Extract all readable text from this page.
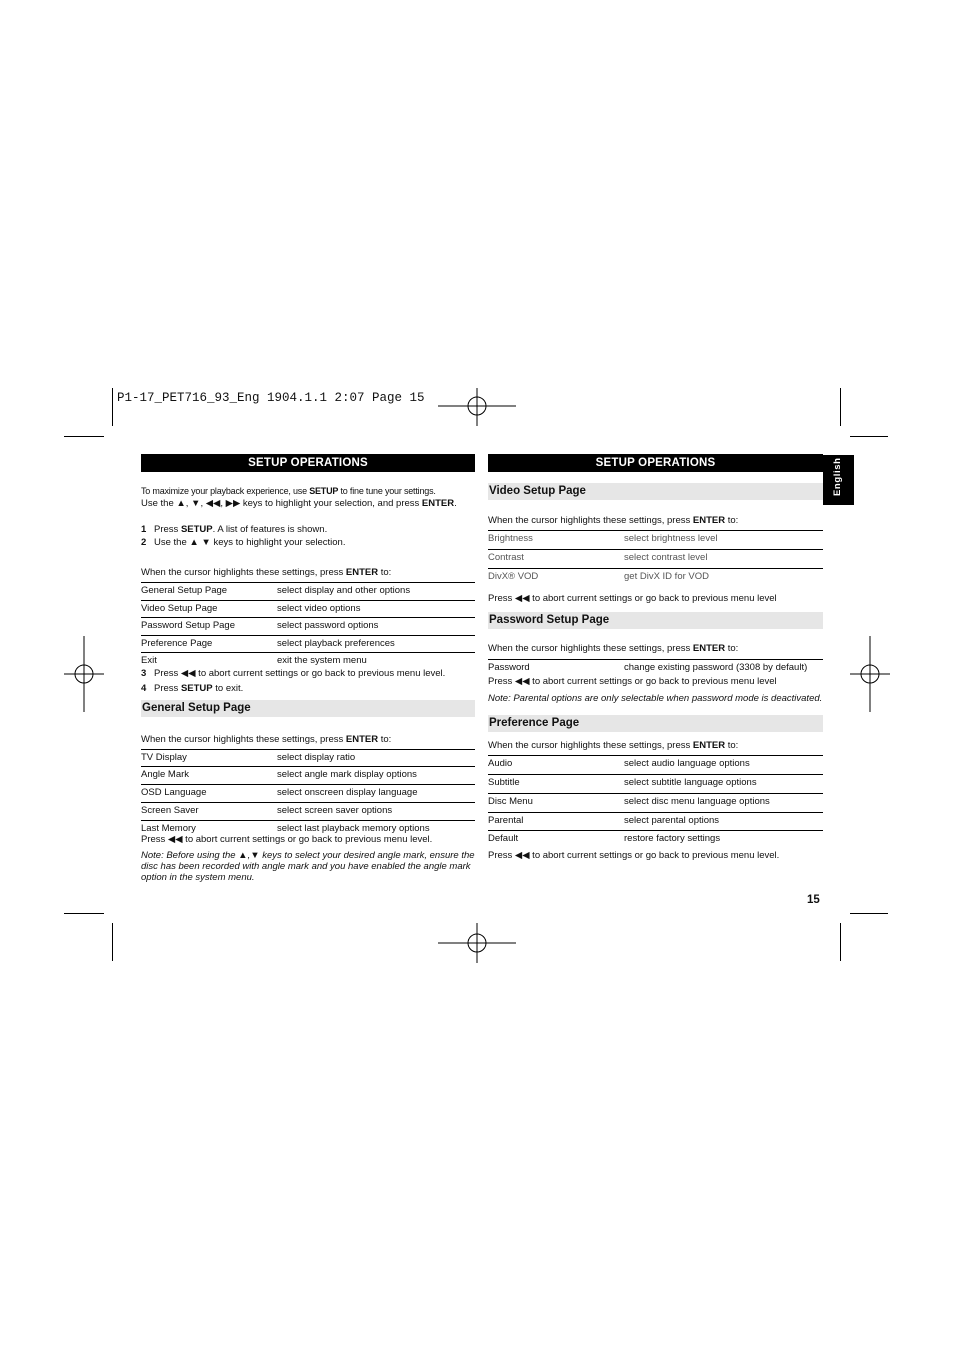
P1-17_PET716_93_Eng 1904.1.1 2:07 Page 15
English
SETUP OPERATIONS
To maximize your playback experience, use SETUP to fine tune your settings.
Use the ▲, ▼, ◀◀, ▶▶ keys to highlight your selection, and press ENTER.
1 Press SETUP. A list of features is shown.
2 Use the ▲ ▼ keys to highlight your selection.
When the cursor highlights these settings, press ENTER to:
General Setup Page	select display and other options
Video Setup Page	select video options
Password Setup Page	select password options
Preference Page	select playback preferences
Exit	exit the system menu
3 Press ◀◀ to abort current settings or go back to previous menu level.
4 Press SETUP to exit.
General Setup Page
When the cursor highlights these settings, press ENTER to:
TV Display	select display ratio
Angle Mark	select angle mark display options
OSD Language	select onscreen display language
Screen Saver	select screen saver options
Last Memory	select last playback memory options
Press ◀◀ to abort current settings or go back to previous menu level.
Note: Before using the ▲,▼ keys to select your desired angle mark, ensure the
disc has been recorded with angle mark and you have enabled the angle mark
option in the system menu.
SETUP OPERATIONS
Video Setup Page
When the cursor highlights these settings, press ENTER to:
Brightness	select brightness level
Contrast	select contrast level
DivX® VOD	get DivX ID for VOD
Press ◀◀ to abort current settings or go back to previous menu level
Password Setup Page
When the cursor highlights these settings, press ENTER to:
Password	change existing password (3308 by default)
Press ◀◀ to abort current settings or go back to previous menu level
Note: Parental options are only selectable when password mode is deactivated.
Preference Page
When the cursor highlights these settings, press ENTER to:
Audio	select audio language options
Subtitle	select subtitle language options
Disc Menu	select disc menu language options
Parental	select parental options
Default	restore factory settings
Press ◀◀ to abort current settings or go back to previous menu level.
15
